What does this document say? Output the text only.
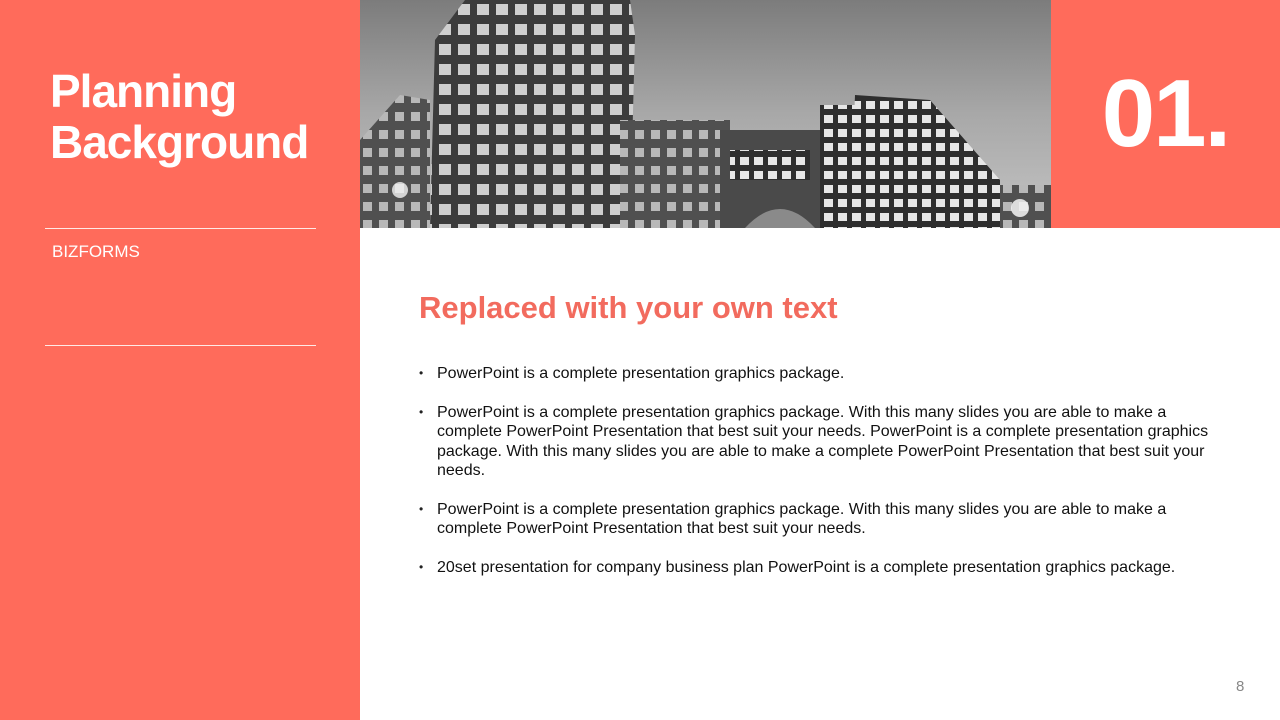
Planning
Background
BIZFORMS
01.
Replaced with your own text
• PowerPoint is a complete presentation graphics package.
• PowerPoint is a complete presentation graphics package. With this many slides you are able to make a complete PowerPoint Presentation that best suit your needs. PowerPoint is a complete presentation graphics package. With this many slides you are able to make a complete PowerPoint Presentation that best suit your needs.
• PowerPoint is a complete presentation graphics package. With this many slides you are able to make a complete PowerPoint Presentation that best suit your needs.
• 20set presentation for company business plan PowerPoint is a complete presentation graphics package.
8
